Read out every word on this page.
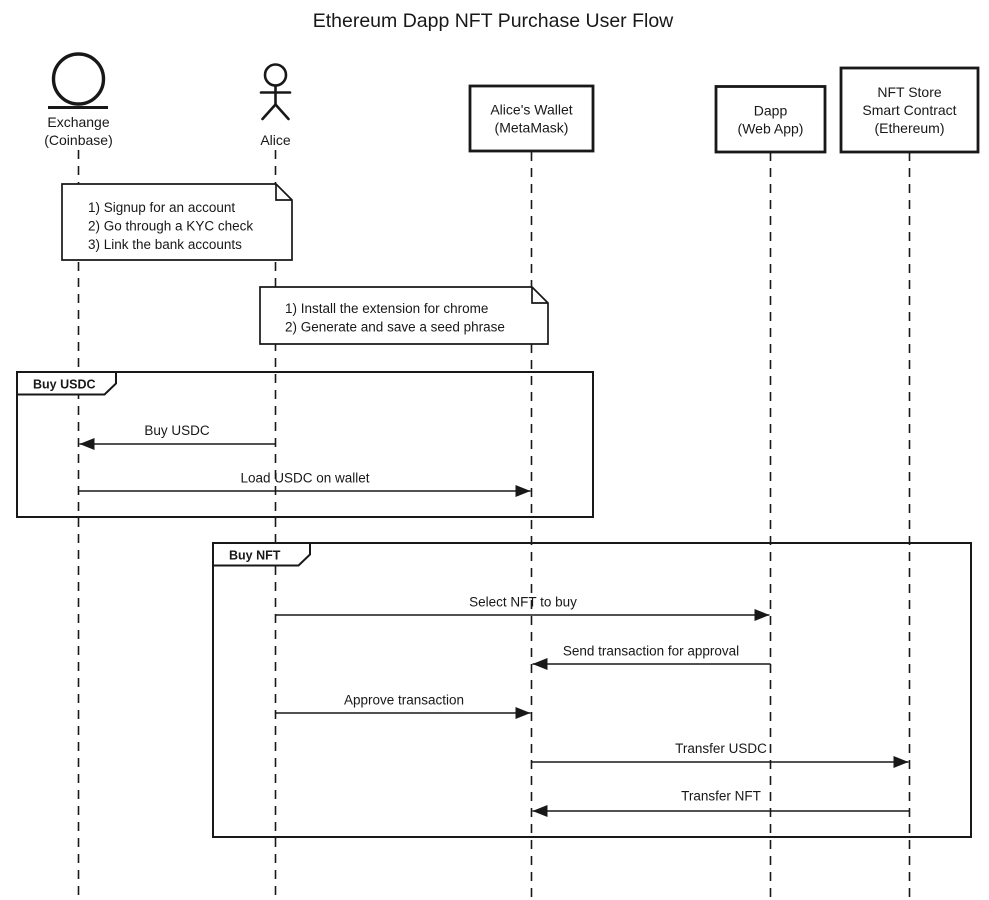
Ethereum Dapp NFT Purchase User Flow
Exchange
(Coinbase)	Alice
Alice's Wallet
(MetaMask)
Dapp
(Web App)
NFT Store
Smart Contract
(Ethereum)
1) Signup for an account
2) Go through a KYC check
3) Link the bank accounts
1) Install the extension for chrome
2) Generate and save a seed phrase
Buy USDC
Buy NFT
Buy USDC
Load USDC on wallet
Select NFT to buy
Send transaction for approval
Approve transaction
Transfer USDC
Transfer NFT
